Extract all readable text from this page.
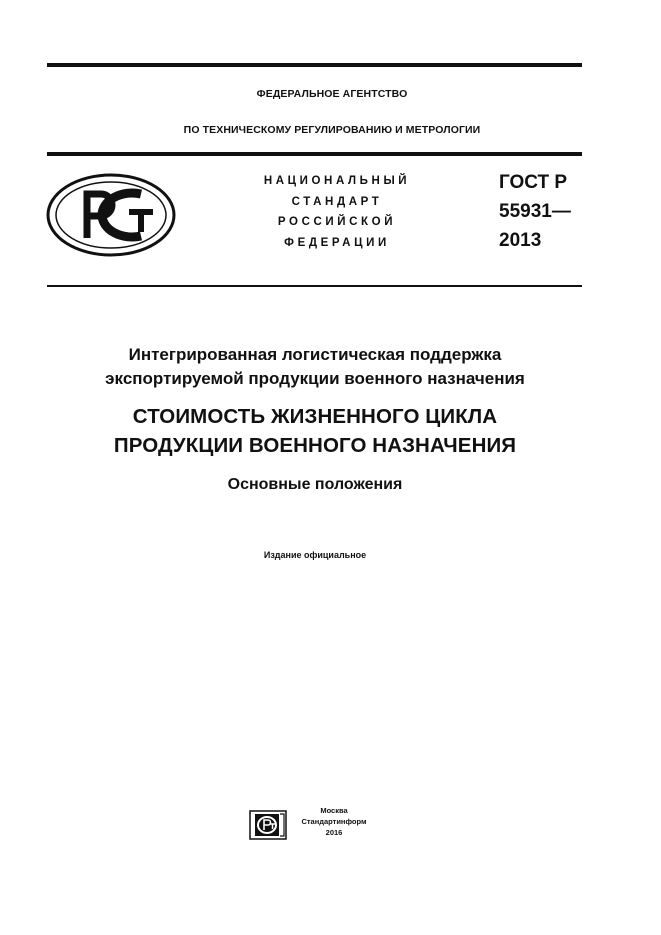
ФЕДЕРАЛЬНОЕ АГЕНТСТВО
ПО ТЕХНИЧЕСКОМУ РЕГУЛИРОВАНИЮ И МЕТРОЛОГИИ
НАЦИОНАЛЬНЫЙ
СТАНДАРТ
РОССИЙСКОЙ
ФЕДЕРАЦИИ
ГОСТ Р
55931—
2013
Интегрированная логистическая поддержка
экспортируемой продукции военного назначения
СТОИМОСТЬ ЖИЗНЕННОГО ЦИКЛА
ПРОДУКЦИИ ВОЕННОГО НАЗНАЧЕНИЯ
Основные положения
Издание официальное
Москва
Стандартинформ
2016
